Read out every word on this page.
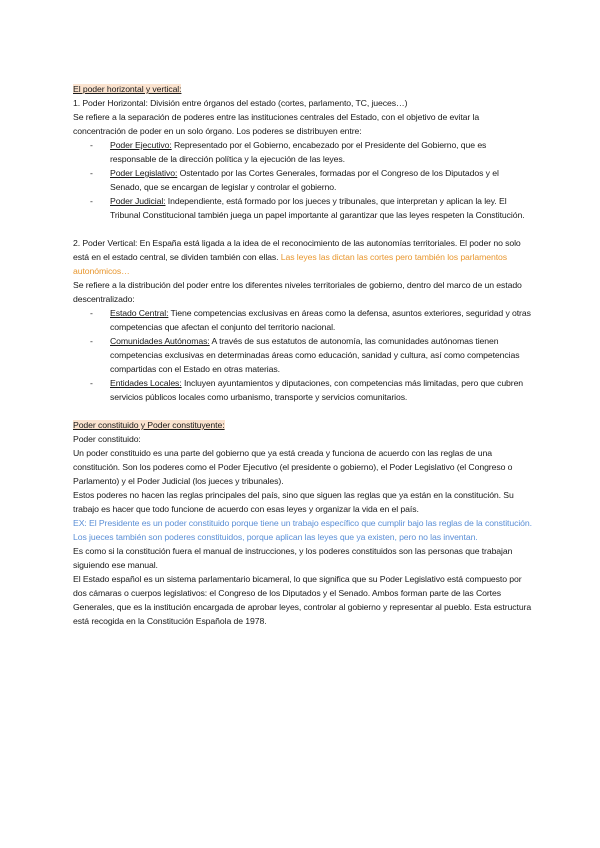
El poder horizontal y vertical:

1. Poder Horizontal: División entre órganos del estado (cortes, parlamento, TC, jueces…)

Se refiere a la separación de poderes entre las instituciones centrales del Estado, con el objetivo de evitar la concentración de poder en un solo órgano. Los poderes se distribuyen entre:

- Poder Ejecutivo: Representado por el Gobierno, encabezado por el Presidente del Gobierno, que es responsable de la dirección política y la ejecución de las leyes.
- Poder Legislativo: Ostentado por las Cortes Generales, formadas por el Congreso de los Diputados y el Senado, que se encargan de legislar y controlar el gobierno.
- Poder Judicial: Independiente, está formado por los jueces y tribunales, que interpretan y aplican la ley. El Tribunal Constitucional también juega un papel importante al garantizar que las leyes respeten la Constitución.

2. Poder Vertical: En España está ligada a la idea de el reconocimiento de las autonomías territoriales. El poder no solo está en el estado central, se dividen también con ellas. Las leyes las dictan las cortes pero también los parlamentos autonómicos…

Se refiere a la distribución del poder entre los diferentes niveles territoriales de gobierno, dentro del marco de un estado descentralizado:

- Estado Central: Tiene competencias exclusivas en áreas como la defensa, asuntos exteriores, seguridad y otras competencias que afectan el conjunto del territorio nacional.
- Comunidades Autónomas: A través de sus estatutos de autonomía, las comunidades autónomas tienen competencias exclusivas en determinadas áreas como educación, sanidad y cultura, así como competencias compartidas con el Estado en otras materias.
- Entidades Locales: Incluyen ayuntamientos y diputaciones, con competencias más limitadas, pero que cubren servicios públicos locales como urbanismo, transporte y servicios comunitarios.

Poder constituido y Poder constituyente:

Poder constituido:

Un poder constituido es una parte del gobierno que ya está creada y funciona de acuerdo con las reglas de una constitución. Son los poderes como el Poder Ejecutivo (el presidente o gobierno), el Poder Legislativo (el Congreso o Parlamento) y el Poder Judicial (los jueces y tribunales).

Estos poderes no hacen las reglas principales del país, sino que siguen las reglas que ya están en la constitución. Su trabajo es hacer que todo funcione de acuerdo con esas leyes y organizar la vida en el país.

EX: El Presidente es un poder constituido porque tiene un trabajo específico que cumplir bajo las reglas de la constitución.

Los jueces también son poderes constituidos, porque aplican las leyes que ya existen, pero no las inventan.

Es como si la constitución fuera el manual de instrucciones, y los poderes constituidos son las personas que trabajan siguiendo ese manual.

El Estado español es un sistema parlamentario bicameral, lo que significa que su Poder Legislativo está compuesto por dos cámaras o cuerpos legislativos: el Congreso de los Diputados y el Senado. Ambos forman parte de las Cortes Generales, que es la institución encargada de aprobar leyes, controlar al gobierno y representar al pueblo. Esta estructura está recogida en la Constitución Española de 1978.
